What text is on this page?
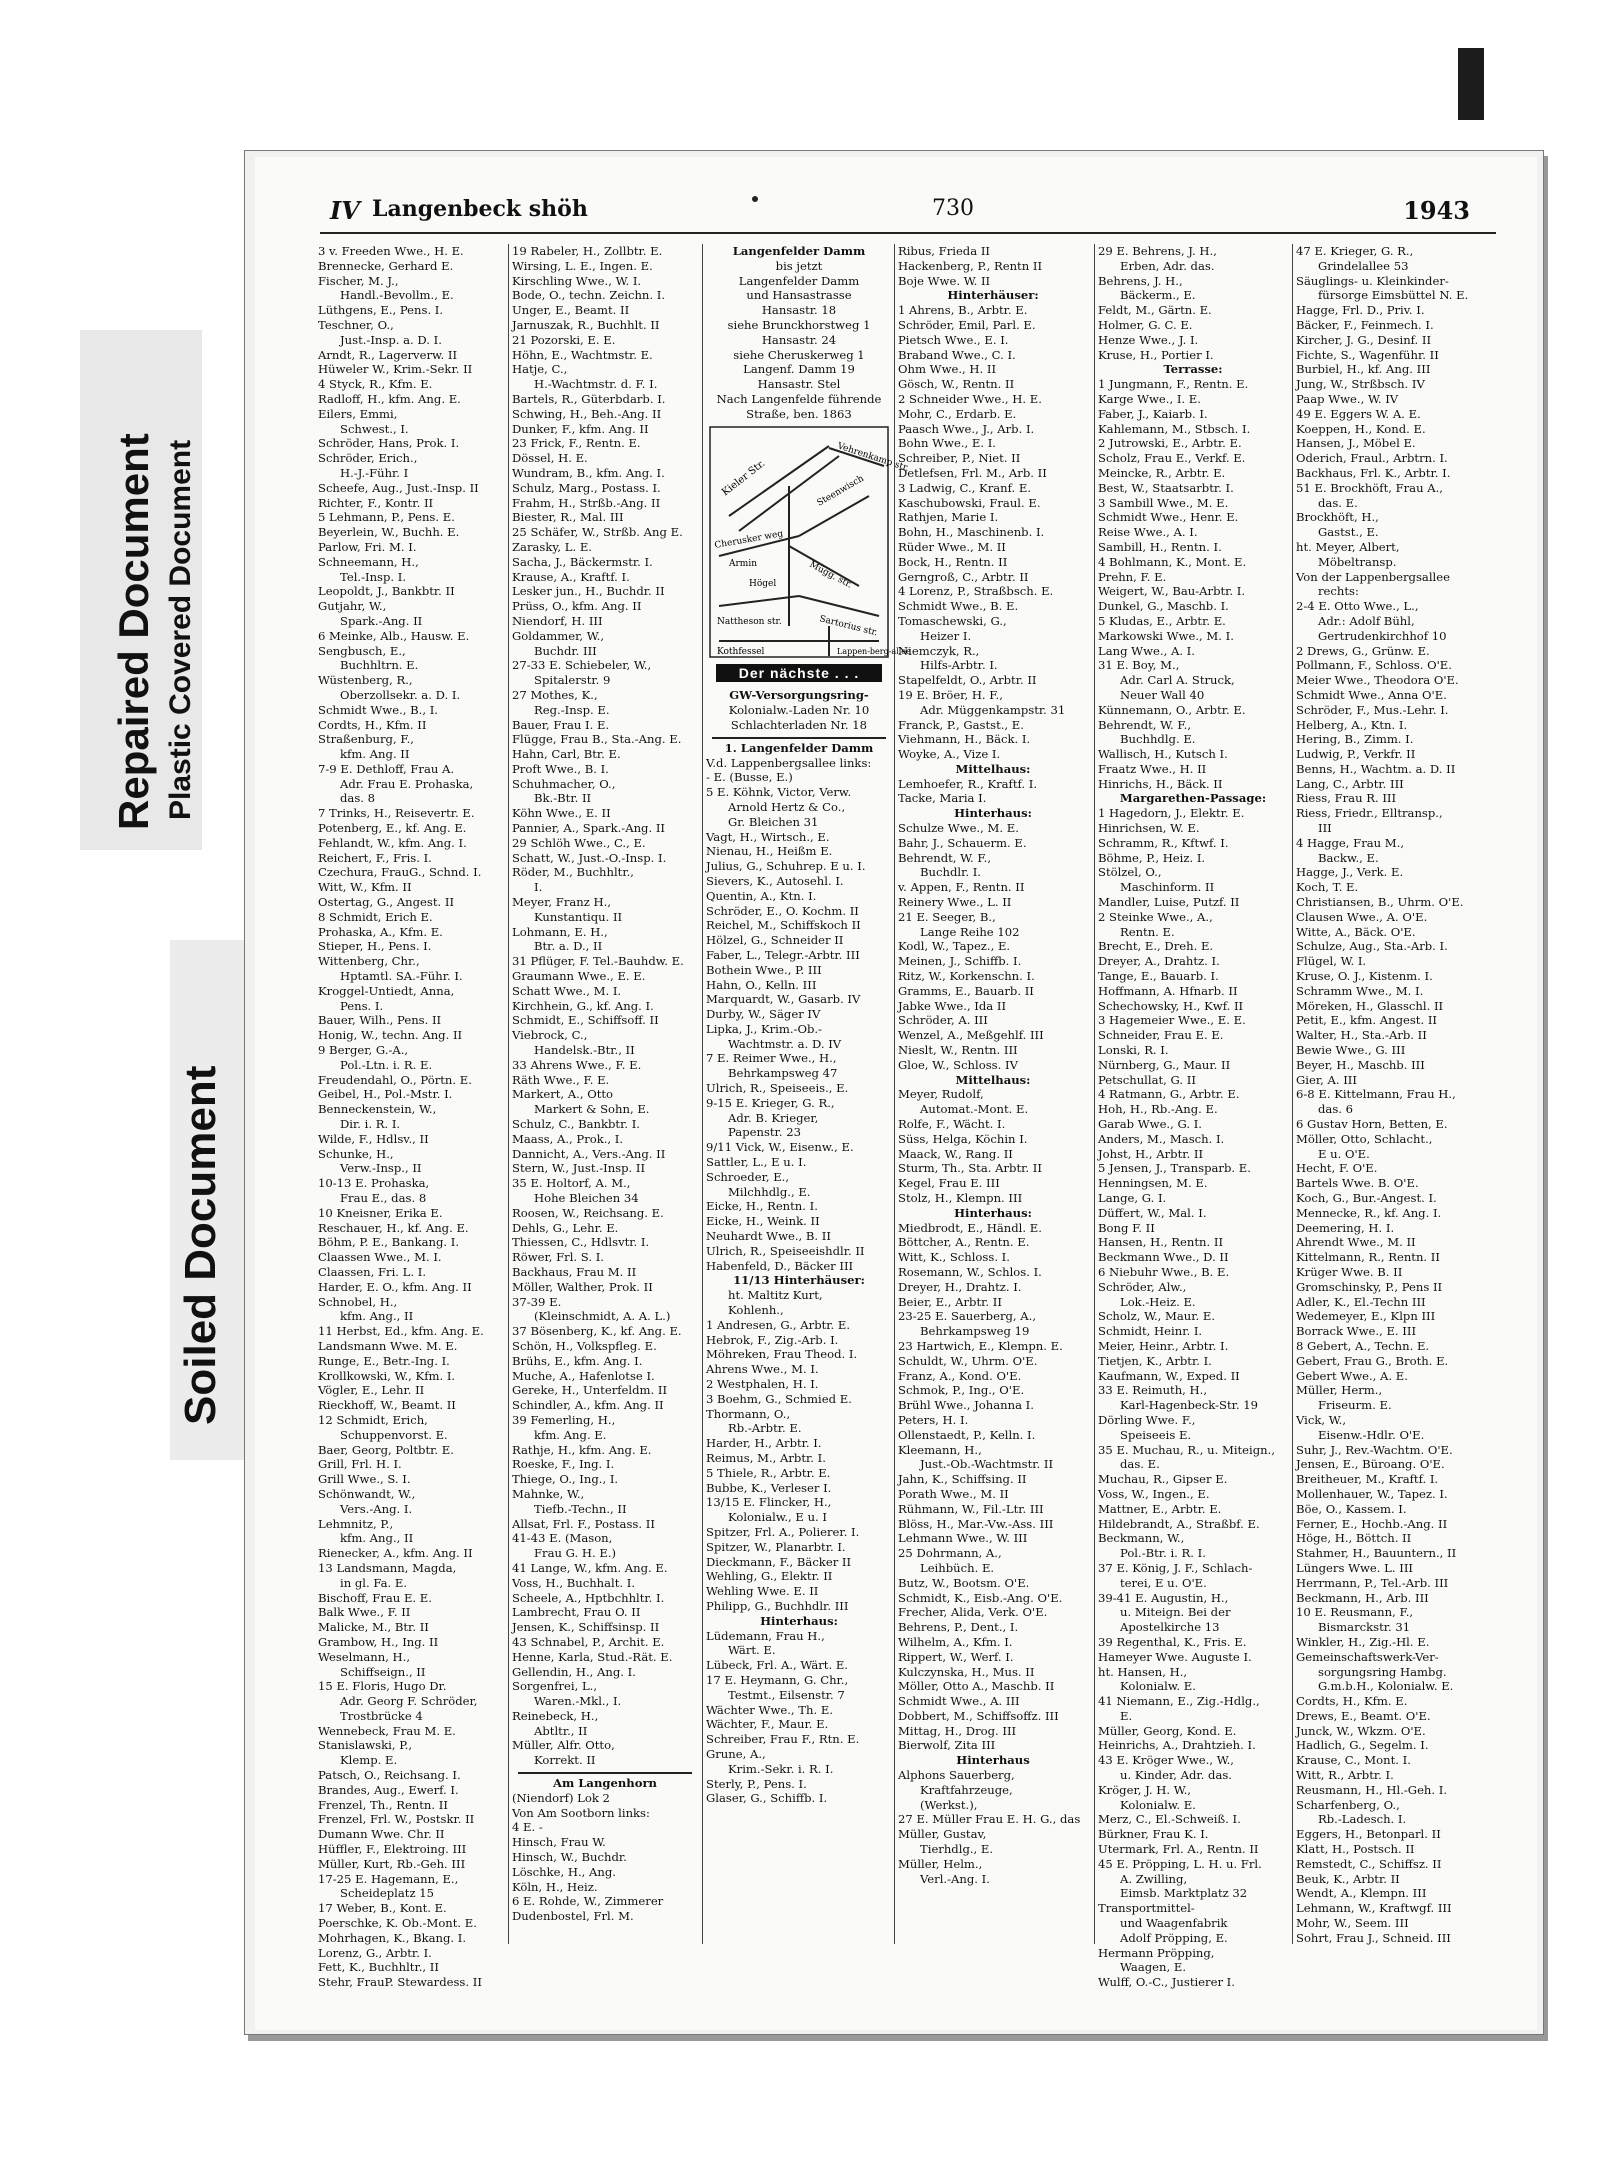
Repaired Document Plastic Covered Document
Soiled Document
IV Langenbeck shöh	730	1943
3 v. Freeden Wwe., H. E.
Brennecke, Gerhard E.
Fischer, M. J.,
Handl.-Bevollm., E.
Lüthgens, E., Pens. I.
Teschner, O.,
Just.-Insp. a. D. I.
Arndt, R., Lagerverw. II
Hüweler W., Krim.-Sekr. II
4 Styck, R., Kfm. E.
Radloff, H., kfm. Ang. E.
Eilers, Emmi,
Schwest., I.
Schröder, Hans, Prok. I.
Schröder, Erich.,
H.-J.-Führ. I
Scheefe, Aug., Just.-Insp. II
Richter, F., Kontr. II
5 Lehmann, P., Pens. E.
Beyerlein, W., Buchh. E.
Parlow, Fri. M. I.
Schneemann, H.,
Tel.-Insp. I.
Leopoldt, J., Bankbtr. II
Gutjahr, W.,
Spark.-Ang. II
6 Meinke, Alb., Hausw. E.
Sengbusch, E.,
Buchhltrn. E.
Wüstenberg, R.,
Oberzollsekr. a. D. I.
Schmidt Wwe., B., I.
Cordts, H., Kfm. II
Straßenburg, F.,
kfm. Ang. II
7-9 E. Dethloff, Frau A.
Adr. Frau E. Prohaska,
das. 8
7 Trinks, H., Reisevertr. E.
Potenberg, E., kf. Ang. E.
Fehlandt, W., kfm. Ang. I.
Reichert, F., Fris. I.
Czechura, FrauG., Schnd. I.
Witt, W., Kfm. II
Ostertag, G., Angest. II
8 Schmidt, Erich E.
Prohaska, A., Kfm. E.
Stieper, H., Pens. I.
Wittenberg, Chr.,
Hptamtl. SA.-Führ. I.
Kroggel-Untiedt, Anna,
Pens. I.
Bauer, Wilh., Pens. II
Honig, W., techn. Ang. II
9 Berger, G.-A.,
Pol.-Ltn. i. R. E.
Freudendahl, O., Pörtn. E.
Geibel, H., Pol.-Mstr. I.
Benneckenstein, W.,
Dir. i. R. I.
Wilde, F., Hdlsv., II
Schunke, H.,
Verw.-Insp., II
10-13 E. Prohaska,
Frau E., das. 8
10 Kneisner, Erika E.
Reschauer, H., kf. Ang. E.
Böhm, P. E., Bankang. I.
Claassen Wwe., M. I.
Claassen, Fri. L. I.
Harder, E. O., kfm. Ang. II
Schnobel, H.,
kfm. Ang., II
11 Herbst, Ed., kfm. Ang. E.
Landsmann Wwe. M. E.
Runge, E., Betr.-Ing. I.
Krollkowski, W., Kfm. I.
Vögler, E., Lehr. II
Rieckhoff, W., Beamt. II
12 Schmidt, Erich,
Schuppenvorst. E.
Baer, Georg, Poltbtr. E.
Grill, Frl. H. I.
Grill Wwe., S. I.
Schönwandt, W.,
Vers.-Ang. I.
Lehmnitz, P.,
kfm. Ang., II
Rienecker, A., kfm. Ang. II
13 Landsmann, Magda,
in gl. Fa. E.
Bischoff, Frau E. E.
Balk Wwe., F. II
Malicke, M., Btr. II
Grambow, H., Ing. II
Weselmann, H.,
Schiffseign., II
15 E. Floris, Hugo Dr.
Adr. Georg F. Schröder,
Trostbrücke 4
Wennebeck, Frau M. E.
Stanislawski, P.,
Klemp. E.
Patsch, O., Reichsang. I.
Brandes, Aug., Ewerf. I.
Frenzel, Th., Rentn. II
Frenzel, Frl. W., Postskr. II
Dumann Wwe. Chr. II
Hüffler, F., Elektroing. III
Müller, Kurt, Rb.-Geh. III
17-25 E. Hagemann, E.,
Scheideplatz 15
17 Weber, B., Kont. E.
Poerschke, K. Ob.-Mont. E.
Mohrhagen, K., Bkang. I.
Lorenz, G., Arbtr. I.
Fett, K., Buchhltr., II
Stehr, FrauP. Stewardess. II
19 Rabeler, H., Zollbtr. E.
Wirsing, L. E., Ingen. E.
Kirschling Wwe., W. I.
Bode, O., techn. Zeichn. I.
Unger, E., Beamt. II
Jarnuszak, R., Buchhlt. II
21 Pozorski, E. E.
Höhn, E., Wachtmstr. E.
Hatje, C.,
H.-Wachtmstr. d. F. I.
Bartels, R., Güterbdarb. I.
Schwing, H., Beh.-Ang. II
Dunker, F., kfm. Ang. II
23 Frick, F., Rentn. E.
Dössel, H. E.
Wundram, B., kfm. Ang. I.
Schulz, Marg., Postass. I.
Frahm, H., Strßb.-Ang. II
Biester, R., Mal. III
25 Schäfer, W., Strßb. Ang E.
Zarasky, L. E.
Sacha, J., Bäckermstr. I.
Krause, A., Kraftf. I.
Lesker jun., H., Buchdr. II
Prüss, O., kfm. Ang. II
Niendorf, H. III
Goldammer, W.,
Buchdr. III
27-33 E. Schiebeler, W.,
Spitalerstr. 9
27 Mothes, K.,
Reg.-Insp. E.
Bauer, Frau I. E.
Flügge, Frau B., Sta.-Ang. E.
Hahn, Carl, Btr. E.
Proft Wwe., B. I.
Schuhmacher, O.,
Bk.-Btr. II
Köhn Wwe., E. II
Pannier, A., Spark.-Ang. II
29 Schlöh Wwe., C., E.
Schatt, W., Just.-O.-Insp. I.
Röder, M., Buchhltr.,
I.
Meyer, Franz H.,
Kunstantiqu. II
Lohmann, E. H.,
Btr. a. D., II
31 Pflüger, F. Tel.-Bauhdw. E.
Graumann Wwe., E. E.
Schatt Wwe., M. I.
Kirchhein, G., kf. Ang. I.
Schmidt, E., Schiffsoff. II
Viebrock, C.,
Handelsk.-Btr., II
33 Ahrens Wwe., F. E.
Räth Wwe., F. E.
Markert, A., Otto
Markert & Sohn, E.
Schulz, C., Bankbtr. I.
Maass, A., Prok., I.
Dannicht, A., Vers.-Ang. II
Stern, W., Just.-Insp. II
35 E. Holtorf, A. M.,
Hohe Bleichen 34
Roosen, W., Reichsang. E.
Dehls, G., Lehr. E.
Thiessen, C., Hdlsvtr. I.
Röwer, Frl. S. I.
Backhaus, Frau M. II
Möller, Walther, Prok. II
37-39 E.
(Kleinschmidt, A. A. L.)
37 Bösenberg, K., kf. Ang. E.
Schön, H., Volkspfleg. E.
Brühs, E., kfm. Ang. I.
Muche, A., Hafenlotse I.
Gereke, H., Unterfeldm. II
Schindler, A., kfm. Ang. II
39 Femerling, H.,
kfm. Ang. E.
Rathje, H., kfm. Ang. E.
Roeske, F., Ing. I.
Thiege, O., Ing., I.
Mahnke, W.,
Tiefb.-Techn., II
Allsat, Frl. F., Postass. II
41-43 E. (Mason,
Frau G. H. E.)
41 Lange, W., kfm. Ang. E.
Voss, H., Buchhalt. I.
Scheele, A., Hptbchhltr. I.
Lambrecht, Frau O. II
Jensen, K., Schiffsinsp. II
43 Schnabel, P., Archit. E.
Henne, Karla, Stud.-Rät. E.
Gellendin, H., Ang. I.
Sorgenfrei, L.,
Waren.-Mkl., I.
Reinebeck, H.,
Abtltr., II
Müller, Alfr. Otto,
Korrekt. II
Am Langenhorn
(Niendorf) Lok 2
Von Am Sootborn links:
4 E. -
Hinsch, Frau W.
Hinsch, W., Buchdr.
Löschke, H., Ang.
Köln, H., Heiz.
6 E. Rohde, W., Zimmerer
Dudenbostel, Frl. M.
Langenfelder Damm
bis jetzt
Langenfelder Damm
und Hansastrasse
Hansastr. 18
siehe Brunckhorstweg 1
Hansastr. 24
siehe Cheruskerweg 1
Langenf. Damm 19
Hansastr. Stel
Nach Langenfelde führende
Straße, ben. 1863
Kieler Str.
Vehrenkamp str.
Cherusker weg
Armin
Steenwisch
Högel	Mügg. str.
Nattheson str.	Sartorius str.
Kothfessel	Lappen-berg-allee
Der nächste . . .
GW-Versorgungsring-
Kolonialw.-Laden Nr. 10
Schlachterladen Nr. 18
1. Langenfelder Damm
V.d. Lappenbergsallee links:
- E. (Busse, E.)
5 E. Köhnk, Victor, Verw.
Arnold Hertz & Co.,
Gr. Bleichen 31
Vagt, H., Wirtsch., E.
Nienau, H., Heißm E.
Julius, G., Schuhrep. E u. I.
Sievers, K., Autosehl. I.
Quentin, A., Ktn. I.
Schröder, E., O. Kochm. II
Reichel, M., Schiffskoch II
Hölzel, G., Schneider II
Faber, L., Telegr.-Arbtr. III
Bothein Wwe., P. III
Hahn, O., Kelln. III
Marquardt, W., Gasarb. IV
Durby, W., Säger IV
Lipka, J., Krim.-Ob.-
Wachtmstr. a. D. IV
7 E. Reimer Wwe., H.,
Behrkampsweg 47
Ulrich, R., Speiseeis., E.
9-15 E. Krieger, G. R.,
Adr. B. Krieger,
Papenstr. 23
9/11 Vick, W., Eisenw., E.
Sattler, L., E u. I.
Schroeder, E.,
Milchhdlg., E.
Eicke, H., Rentn. I.
Eicke, H., Weink. II
Neuhardt Wwe., B. II
Ulrich, R., Speiseeishdlr. II
Habenfeld, D., Bäcker III
11/13 Hinterhäuser:
ht. Maltitz Kurt,
Kohlenh.,
1 Andresen, G., Arbtr. E.
Hebrok, F., Zig.-Arb. I.
Möhreken, Frau Theod. I.
Ahrens Wwe., M. I.
2 Westphalen, H. I.
3 Boehm, G., Schmied E.
Thormann, O.,
Rb.-Arbtr. E.
Harder, H., Arbtr. I.
Reimus, M., Arbtr. I.
5 Thiele, R., Arbtr. E.
Bubbe, K., Verleser I.
13/15 E. Flincker, H.,
Kolonialw., E u. I
Spitzer, Frl. A., Polierer. I.
Spitzer, W., Planarbtr. I.
Dieckmann, F., Bäcker II
Wehling, G., Elektr. II
Wehling Wwe. E. II
Philipp, G., Buchhdlr. III
Hinterhaus:
Lüdemann, Frau H.,
Wärt. E.
Lübeck, Frl. A., Wärt. E.
17 E. Heymann, G. Chr.,
Testmt., Eilsenstr. 7
Wächter Wwe., Th. E.
Wächter, F., Maur. E.
Schreiber, Frau F., Rtn. E.
Grune, A.,
Krim.-Sekr. i. R. I.
Sterly, P., Pens. I.
Glaser, G., Schiffb. I.
Ribus, Frieda II
Hackenberg, P., Rentn II
Boje Wwe. W. II
Hinterhäuser:
1 Ahrens, B., Arbtr. E.
Schröder, Emil, Parl. E.
Pietsch Wwe., E. I.
Braband Wwe., C. I.
Ohm Wwe., H. II
Gösch, W., Rentn. II
2 Schneider Wwe., H. E.
Mohr, C., Erdarb. E.
Paasch Wwe., J., Arb. I.
Bohn Wwe., E. I.
Schreiber, P., Niet. II
Detlefsen, Frl. M., Arb. II
3 Ladwig, C., Kranf. E.
Kaschubowski, Fraul. E.
Rathjen, Marie I.
Bohn, H., Maschinenb. I.
Rüder Wwe., M. II
Bock, H., Rentn. II
Gerngroß, C., Arbtr. II
4 Lorenz, P., Straßbsch. E.
Schmidt Wwe., B. E.
Tomaschewski, G.,
Heizer I.
Niemczyk, R.,
Hilfs-Arbtr. I.
Stapelfeldt, O., Arbtr. II
19 E. Bröer, H. F.,
Adr. Müggenkampstr. 31
Franck, P., Gastst., E.
Viehmann, H., Bäck. I.
Woyke, A., Vize I.
Mittelhaus:
Lemhoefer, R., Kraftf. I.
Tacke, Maria I.
Hinterhaus:
Schulze Wwe., M. E.
Bahr, J., Schauerm. E.
Behrendt, W. F.,
Buchdlr. I.
v. Appen, F., Rentn. II
Reinery Wwe., L. II
21 E. Seeger, B.,
Lange Reihe 102
Kodl, W., Tapez., E.
Meinen, J., Schiffb. I.
Ritz, W., Korkenschn. I.
Gramms, E., Bauarb. II
Jabke Wwe., Ida II
Schröder, A. III
Wenzel, A., Meßgehlf. III
Nieslt, W., Rentn. III
Gloe, W., Schloss. IV
Mittelhaus:
Meyer, Rudolf,
Automat.-Mont. E.
Rolfe, F., Wächt. I.
Süss, Helga, Köchin I.
Maack, W., Rang. II
Sturm, Th., Sta. Arbtr. II
Kegel, Frau E. III
Stolz, H., Klempn. III
Hinterhaus:
Miedbrodt, E., Händl. E.
Böttcher, A., Rentn. E.
Witt, K., Schloss. I.
Rosemann, W., Schlos. I.
Dreyer, H., Drahtz. I.
Beier, E., Arbtr. II
23-25 E. Sauerberg, A.,
Behrkampsweg 19
23 Hartwich, E., Klempn. E.
Schuldt, W., Uhrm. O'E.
Franz, A., Kond. O'E.
Schmok, P., Ing., O'E.
Brühl Wwe., Johanna I.
Peters, H. I.
Ollenstaedt, P., Kelln. I.
Kleemann, H.,
Just.-Ob.-Wachtmstr. II
Jahn, K., Schiffsing. II
Porath Wwe., M. II
Rühmann, W., Fil.-Ltr. III
Blöss, H., Mar.-Vw.-Ass. III
Lehmann Wwe., W. III
25 Dohrmann, A.,
Leihbüch. E.
Butz, W., Bootsm. O'E.
Schmidt, K., Eisb.-Ang. O'E.
Frecher, Alida, Verk. O'E.
Behrens, P., Dent., I.
Wilhelm, A., Kfm. I.
Rippert, W., Werf. I.
Kulczynska, H., Mus. II
Möller, Otto A., Maschb. II
Schmidt Wwe., A. III
Dobbert, M., Schiffsoffz. III
Mittag, H., Drog. III
Bierwolf, Zita III
Hinterhaus
Alphons Sauerberg,
Kraftfahrzeuge,
(Werkst.),
27 E. Müller Frau E. H. G., das
Müller, Gustav,
Tierhdlg., E.
Müller, Helm.,
Verl.-Ang. I.
29 E. Behrens, J. H.,
Erben, Adr. das.
Behrens, J. H.,
Bäckerm., E.
Feldt, M., Gärtn. E.
Holmer, G. C. E.
Henze Wwe., J. I.
Kruse, H., Portier I.
Terrasse:
1 Jungmann, F., Rentn. E.
Karge Wwe., I. E.
Faber, J., Kaiarb. I.
Kahlemann, M., Stbsch. I.
2 Jutrowski, E., Arbtr. E.
Scholz, Frau E., Verkf. E.
Meincke, R., Arbtr. E.
Best, W., Staatsarbtr. I.
3 Sambill Wwe., M. E.
Schmidt Wwe., Henr. E.
Reise Wwe., A. I.
Sambill, H., Rentn. I.
4 Bohlmann, K., Mont. E.
Prehn, F. E.
Weigert, W., Bau-Arbtr. I.
Dunkel, G., Maschb. I.
5 Kludas, E., Arbtr. E.
Markowski Wwe., M. I.
Lang Wwe., A. I.
31 E. Boy, M.,
Adr. Carl A. Struck,
Neuer Wall 40
Künnemann, O., Arbtr. E.
Behrendt, W. F.,
Buchhdlg. E.
Wallisch, H., Kutsch I.
Fraatz Wwe., H. II
Hinrichs, H., Bäck. II
Margarethen-Passage:
1 Hagedorn, J., Elektr. E.
Hinrichsen, W. E.
Schramm, R., Kftwf. I.
Böhme, P., Heiz. I.
Stölzel, O.,
Maschinform. II
Mandler, Luise, Putzf. II
2 Steinke Wwe., A.,
Rentn. E.
Brecht, E., Dreh. E.
Dreyer, A., Drahtz. I.
Tange, E., Bauarb. I.
Hoffmann, A. Hfnarb. II
Schechowsky, H., Kwf. II
3 Hagemeier Wwe., E. E.
Schneider, Frau E. E.
Lonski, R. I.
Nürnberg, G., Maur. II
Petschullat, G. II
4 Ratmann, G., Arbtr. E.
Hoh, H., Rb.-Ang. E.
Garab Wwe., G. I.
Anders, M., Masch. I.
Johst, H., Arbtr. II
5 Jensen, J., Transparb. E.
Henningsen, M. E.
Lange, G. I.
Düffert, W., Mal. I.
Bong F. II
Hansen, H., Rentn. II
Beckmann Wwe., D. II
6 Niebuhr Wwe., B. E.
Schröder, Alw.,
Lok.-Heiz. E.
Scholz, W., Maur. E.
Schmidt, Heinr. I.
Meier, Heinr., Arbtr. I.
Tietjen, K., Arbtr. I.
Kaufmann, W., Exped. II
33 E. Reimuth, H.,
Karl-Hagenbeck-Str. 19
Dörling Wwe. F.,
Speiseeis E.
35 E. Muchau, R., u. Miteign.,
das. E.
Muchau, R., Gipser E.
Voss, W., Ingen., E.
Mattner, E., Arbtr. E.
Hildebrandt, A., Straßbf. E.
Beckmann, W.,
Pol.-Btr. i. R. I.
37 E. König, J. F., Schlach-
terei, E u. O'E.
39-41 E. Augustin, H.,
u. Miteign. Bei der
Apostelkirche 13
39 Regenthal, K., Fris. E.
Hameyer Wwe. Auguste I.
ht. Hansen, H.,
Kolonialw. E.
41 Niemann, E., Zig.-Hdlg.,
E.
Müller, Georg, Kond. E.
Heinrichs, A., Drahtzieh. I.
43 E. Kröger Wwe., W.,
u. Kinder, Adr. das.
Kröger, J. H. W.,
Kolonialw. E.
Merz, C., El.-Schweiß. I.
Bürkner, Frau K. I.
Utermark, Frl. A., Rentn. II
45 E. Pröpping, L. H. u. Frl.
A. Zwilling,
Eimsb. Marktplatz 32
Transportmittel-
und Waagenfabrik
Adolf Pröpping, E.
Hermann Pröpping,
Waagen, E.
Wulff, O.-C., Justierer I.
47 E. Krieger, G. R.,
Grindelallee 53
Säuglings- u. Kleinkinder-
fürsorge Eimsbüttel N. E.
Hagge, Frl. D., Priv. I.
Bäcker, F., Feinmech. I.
Kircher, J. G., Desinf. II
Fichte, S., Wagenführ. II
Burbiel, H., kf. Ang. III
Jung, W., Strßbsch. IV
Paap Wwe., W. IV
49 E. Eggers W. A. E.
Koeppen, H., Kond. E.
Hansen, J., Möbel E.
Oderich, Fraul., Arbtrn. I.
Backhaus, Frl. K., Arbtr. I.
51 E. Brockhöft, Frau A.,
das. E.
Brockhöft, H.,
Gastst., E.
ht. Meyer, Albert,
Möbeltransp.
Von der Lappenbergsallee
rechts:
2-4 E. Otto Wwe., L.,
Adr.: Adolf Bühl,
Gertrudenkirchhof 10
2 Drews, G., Grünw. E.
Pollmann, F., Schloss. O'E.
Meier Wwe., Theodora O'E.
Schmidt Wwe., Anna O'E.
Schröder, F., Mus.-Lehr. I.
Helberg, A., Ktn. I.
Hering, B., Zimm. I.
Ludwig, P., Verkfr. II
Benns, H., Wachtm. a. D. II
Lang, C., Arbtr. III
Riess, Frau R. III
Riess, Friedr., Elltransp.,
III
4 Hagge, Frau M.,
Backw., E.
Hagge, J., Verk. E.
Koch, T. E.
Christiansen, B., Uhrm. O'E.
Clausen Wwe., A. O'E.
Witte, A., Bäck. O'E.
Schulze, Aug., Sta.-Arb. I.
Flügel, W. I.
Kruse, O. J., Kistenm. I.
Schramm Wwe., M. I.
Möreken, H., Glasschl. II
Petit, E., kfm. Angest. II
Walter, H., Sta.-Arb. II
Bewie Wwe., G. III
Beyer, H., Maschb. III
Gier, A. III
6-8 E. Kittelmann, Frau H.,
das. 6
6 Gustav Horn, Betten, E.
Möller, Otto, Schlacht.,
E u. O'E.
Hecht, F. O'E.
Bartels Wwe. B. O'E.
Koch, G., Bur.-Angest. I.
Mennecke, R., kf. Ang. I.
Deemering, H. I.
Ahrendt Wwe., M. II
Kittelmann, R., Rentn. II
Krüger Wwe. B. II
Gromschinsky, P., Pens II
Adler, K., El.-Techn III
Wedemeyer, E., Klpn III
Borrack Wwe., E. III
8 Gebert, A., Techn. E.
Gebert, Frau G., Broth. E.
Gebert Wwe., A. E.
Müller, Herm.,
Friseurm. E.
Vick, W.,
Eisenw.-Hdlr. O'E.
Suhr, J., Rev.-Wachtm. O'E.
Jensen, E., Büroang. O'E.
Breitheuer, M., Kraftf. I.
Mollenhauer, W., Tapez. I.
Böe, O., Kassem. I.
Ferner, E., Hochb.-Ang. II
Höge, H., Böttch. II
Stahmer, H., Bauuntern., II
Lüngers Wwe. L. III
Herrmann, P., Tel.-Arb. III
Beckmann, H., Arb. III
10 E. Reusmann, F.,
Bismarckstr. 31
Winkler, H., Zig.-Hl. E.
Gemeinschaftswerk-Ver-
sorgungsring Hambg.
G.m.b.H., Kolonialw. E.
Cordts, H., Kfm. E.
Drews, E., Beamt. O'E.
Junck, W., Wkzm. O'E.
Hadlich, G., Segelm. I.
Krause, C., Mont. I.
Witt, R., Arbtr. I.
Reusmann, H., Hl.-Geh. I.
Scharfenberg, O.,
Rb.-Ladesch. I.
Eggers, H., Betonparl. II
Klatt, H., Postsch. II
Remstedt, C., Schiffsz. II
Beuk, K., Arbtr. II
Wendt, A., Klempn. III
Lehmann, W., Kraftwgf. III
Mohr, W., Seem. III
Sohrt, Frau J., Schneid. III
